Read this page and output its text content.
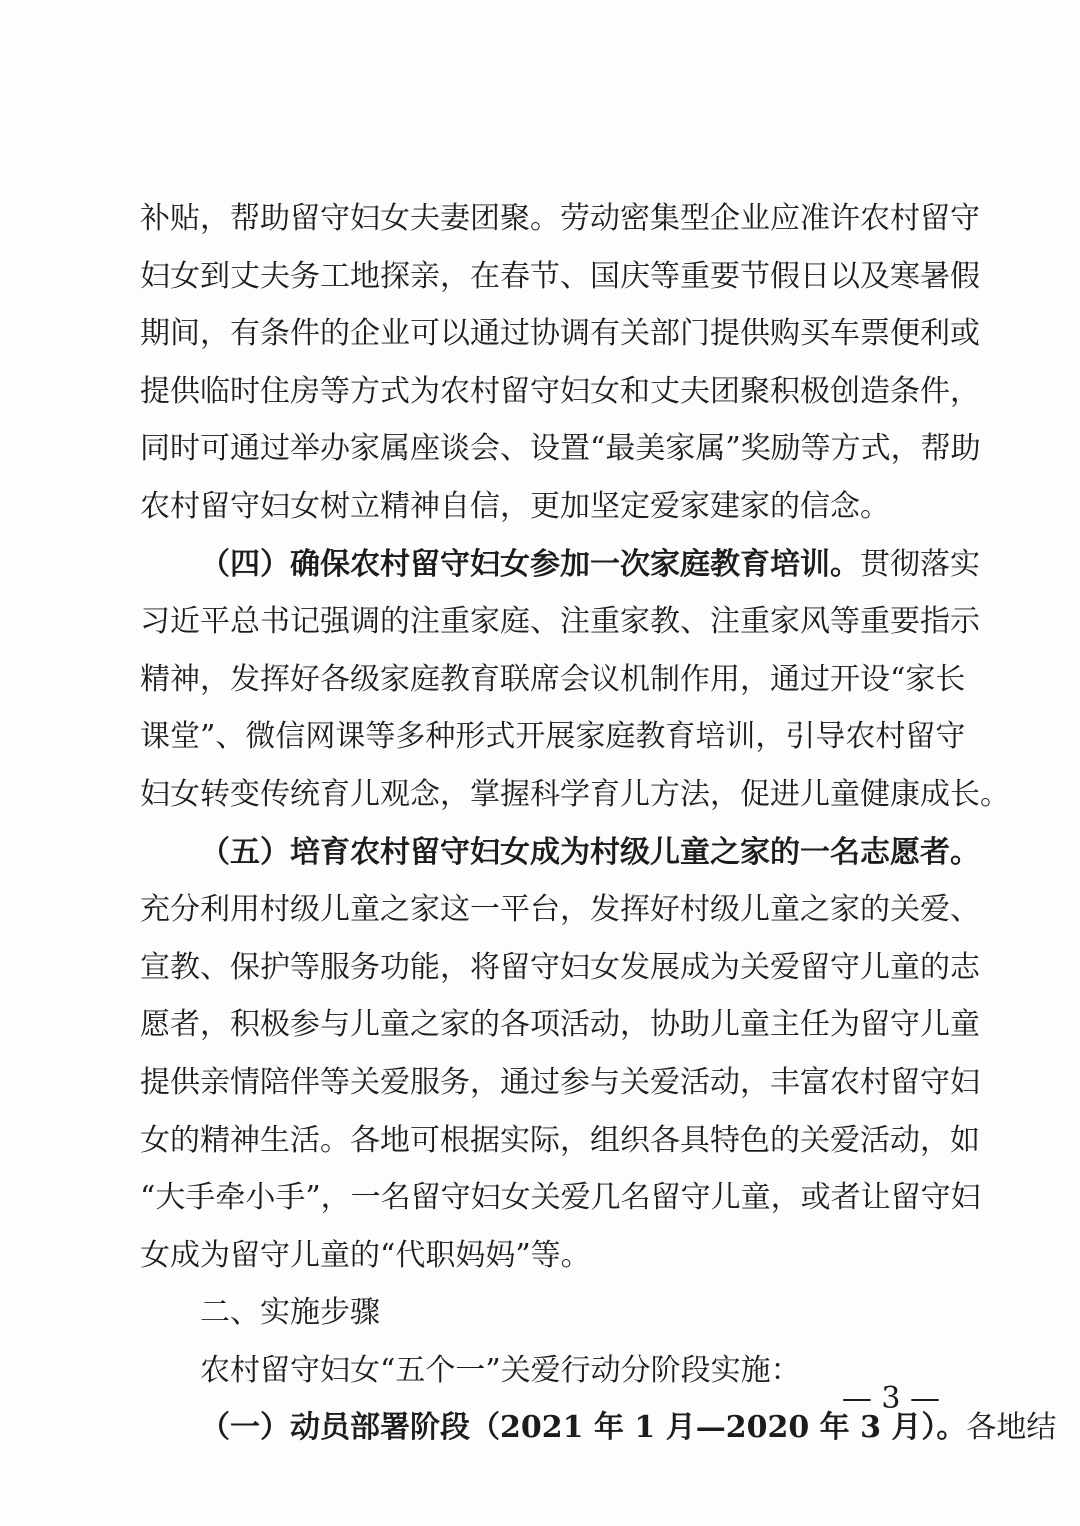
补贴，帮助留守妇女夫妻团聚。劳动密集型企业应准许农村留守
妇女到丈夫务工地探亲，在春节、国庆等重要节假日以及寒暑假
期间，有条件的企业可以通过协调有关部门提供购买车票便利或
提供临时住房等方式为农村留守妇女和丈夫团聚积极创造条件，
同时可通过举办家属座谈会、设置“最美家属”奖励等方式，帮助
农村留守妇女树立精神自信，更加坚定爱家建家的信念。
（四）确保农村留守妇女参加一次家庭教育培训。贯彻落实
习近平总书记强调的注重家庭、注重家教、注重家风等重要指示
精神，发挥好各级家庭教育联席会议机制作用，通过开设“家长
课堂”、微信网课等多种形式开展家庭教育培训，引导农村留守
妇女转变传统育儿观念，掌握科学育儿方法，促进儿童健康成长。
（五）培育农村留守妇女成为村级儿童之家的一名志愿者。
充分利用村级儿童之家这一平台，发挥好村级儿童之家的关爱、
宣教、保护等服务功能，将留守妇女发展成为关爱留守儿童的志
愿者，积极参与儿童之家的各项活动，协助儿童主任为留守儿童
提供亲情陪伴等关爱服务，通过参与关爱活动，丰富农村留守妇
女的精神生活。各地可根据实际，组织各具特色的关爱活动，如
“大手牵小手”，一名留守妇女关爱几名留守儿童，或者让留守妇
女成为留守儿童的“代职妈妈”等。
二、实施步骤
农村留守妇女“五个一”关爱行动分阶段实施：
（一）动员部署阶段（2021 年 1 月—2020 年 3 月）。各地结
— 3 —
